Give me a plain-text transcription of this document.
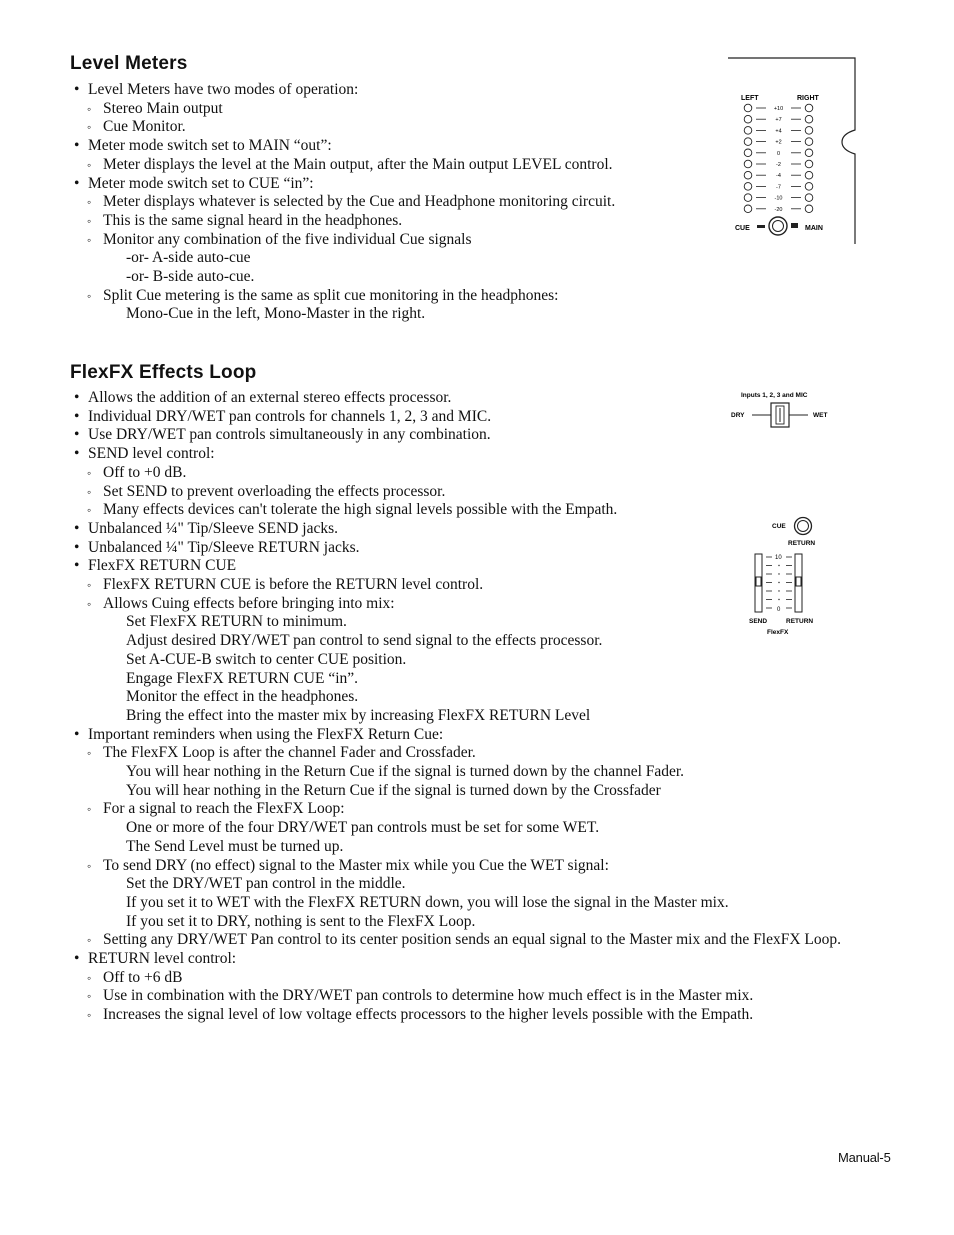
Level Meters
• Level Meters have two modes of operation:
◦ Stereo Main output
◦ Cue Monitor.
• Meter mode switch set to MAIN “out”:
◦ Meter displays the level at the Main output, after the Main output LEVEL control.
• Meter mode switch set to CUE “in”:
◦ Meter displays whatever is selected by the Cue and Headphone monitoring circuit.
◦ This is the same signal heard in the headphones.
◦ Monitor any combination of the five individual Cue signals
-or- A-side auto-cue
-or- B-side auto-cue.
◦ Split Cue metering is the same as split cue monitoring in the headphones:
Mono-Cue in the left, Mono-Master in the right.
FlexFX Effects Loop
• Allows the addition of an external stereo effects processor.
• Individual DRY/WET pan controls for channels 1, 2, 3 and MIC.
• Use DRY/WET pan controls simultaneously in any combination.
• SEND level control:
◦ Off to +0 dB.
◦ Set SEND to prevent overloading the effects processor.
◦ Many effects devices can't tolerate the high signal levels possible with the Empath.
• Unbalanced ¼" Tip/Sleeve SEND jacks.
• Unbalanced ¼" Tip/Sleeve RETURN jacks.
• FlexFX RETURN CUE
◦ FlexFX RETURN CUE is before the RETURN level control.
◦ Allows Cuing effects before bringing into mix:
Set FlexFX RETURN to minimum.
Adjust desired DRY/WET pan control to send signal to the effects processor.
Set A-CUE-B switch to center CUE position.
Engage FlexFX RETURN CUE “in”.
Monitor the effect in the headphones.
Bring the effect into the master mix by increasing FlexFX RETURN Level
• Important reminders when using the FlexFX Return Cue:
◦ The FlexFX Loop is after the channel Fader and Crossfader.
You will hear nothing in the Return Cue if the signal is turned down by the channel Fader.
You will hear nothing in the Return Cue if the signal is turned down by the Crossfader
◦ For a signal to reach the FlexFX Loop:
One or more of the four DRY/WET pan controls must be set for some WET.
The Send Level must be turned up.
◦ To send DRY (no effect) signal to the Master mix while you Cue the WET signal:
Set the DRY/WET pan control in the middle.
If you set it to WET with the FlexFX RETURN down, you will lose the signal in the Master mix.
If you set it to DRY, nothing is sent to the FlexFX Loop.
◦ Setting any DRY/WET Pan control to its center position sends an equal signal to the Master mix and the FlexFX Loop.
• RETURN level control:
◦ Off to +6 dB
◦ Use in combination with the DRY/WET pan controls to determine how much effect is in the Master mix.
◦ Increases the signal level of low voltage effects processors to the higher levels possible with the Empath.
LEFT	RIGHT
+10
+7
+4
+2
0
-2
-4
-7
-10
-20
CUE	MAIN
Inputs 1, 2, 3 and MIC
DRY	WET
CUE
RETURN
10
0
SEND	RETURN
FlexFX
Manual-5
